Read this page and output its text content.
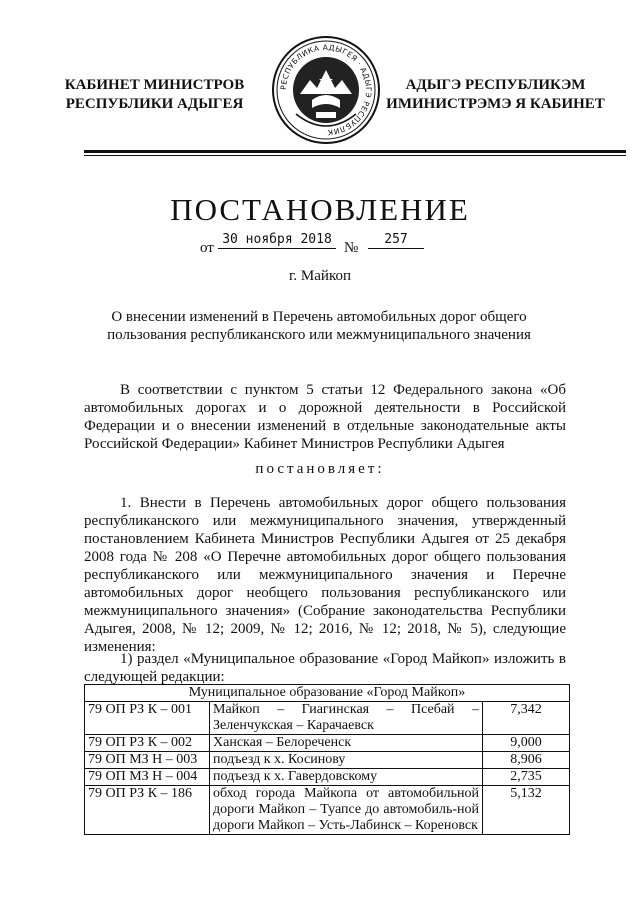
КАБИНЕТ МИНИСТРОВ
РЕСПУБЛИКИ АДЫГЕЯ
РЕСПУБЛИКА АДЫГЕЯ · АДЫГЭ РЕСПУБЛИК
АДЫГЭ РЕСПУБЛИКЭМ
ИМИНИСТРЭМЭ Я КАБИНЕТ
ПОСТАНОВЛЕНИЕ
от
30 ноября 2018
№
257
г. Майкоп
О внесении изменений в Перечень автомобильных дорог общего пользования республиканского или межмуниципального значения
В соответствии с пунктом 5 статьи 12 Федерального закона «Об автомобильных дорогах и о дорожной деятельности в Российской Федерации и о внесении изменений в отдельные законодательные акты Российской Федерации» Кабинет Министров Республики Адыгея
постановляет:
1. Внести в Перечень автомобильных дорог общего пользования республиканского или межмуниципального значения, утвержденный постановлением Кабинета Министров Республики Адыгея от 25 декабря 2008 года № 208 «О Перечне автомобильных дорог общего пользования республиканского или межмуниципального значения и Перечне автомобильных дорог необщего пользования республиканского или межмуниципального значения» (Собрание законодательства Республики Адыгея, 2008, № 12; 2009, № 12; 2016, № 12; 2018, № 5), следующие изменения:
1) раздел «Муниципальное образование «Город Майкоп» изложить в следующей редакции:
Муниципальное образование «Город Майкоп»		
79 ОП РЗ К – 001	Майкоп – Гиагинская – Псебай – Зеленчукская – Карачаевск	7,342
79 ОП РЗ К – 002	Ханская – Белореченск	9,000
79 ОП МЗ Н – 003	подъезд к х. Косинову	8,906
79 ОП МЗ Н – 004	подъезд к х. Гавердовскому	2,735
79 ОП РЗ К – 186	обход города Майкопа от автомобильной дороги Майкоп – Туапсе до автомобиль-ной дороги Майкоп – Усть-Лабинск – Кореновск	5,132
